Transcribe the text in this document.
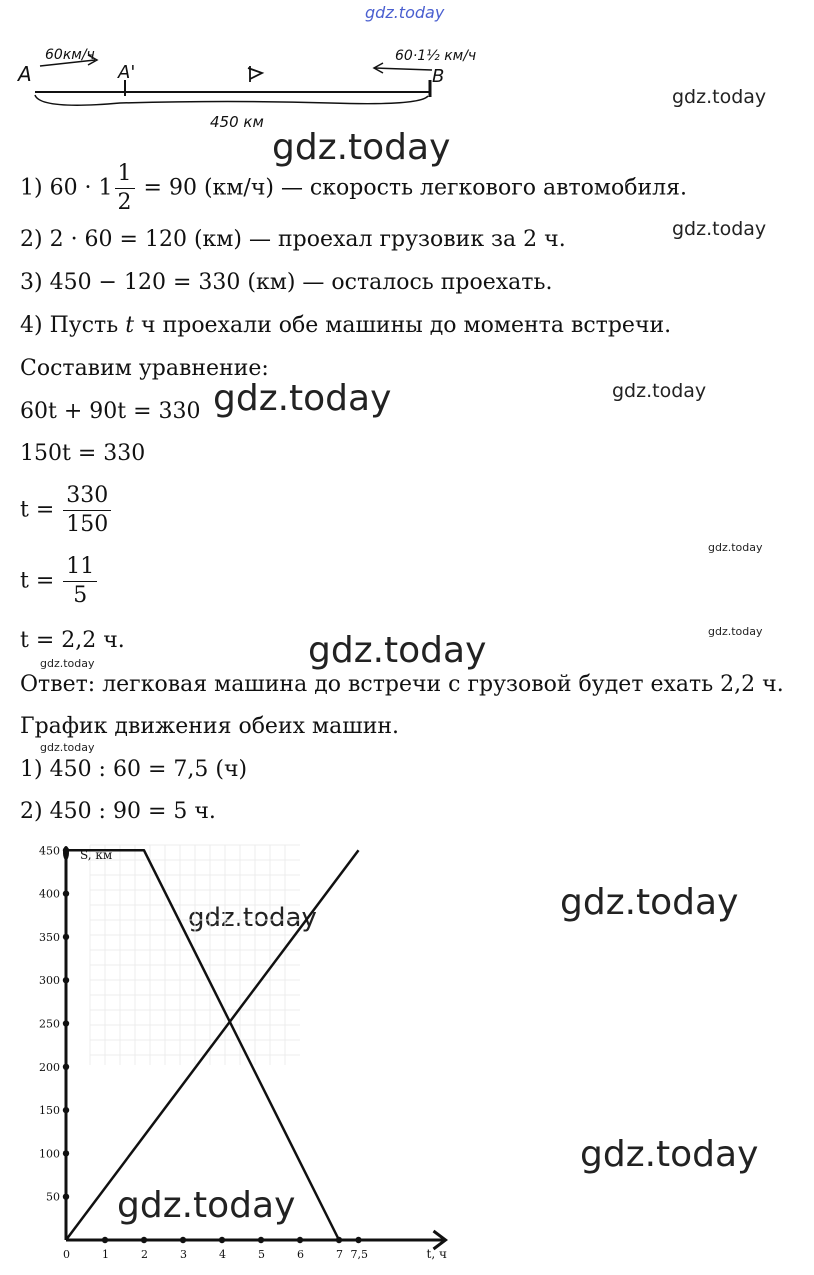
gdz.today
gdz.today
gdz.today
gdz.today
gdz.today	gdz.today
gdz.today
gdz.today
gdz.today
gdz.today
gdz.today
gdz.today
gdz.today
gdz.today
gdz.today
A
60км/ч
A'
60·1½ км/ч
B
450 км
1) $60 \cdot 1 \frac{1}{2} = 90$ (км/ч) — скорость легкового автомобиля.
2) 2 · 60 = 120 (км) — проехал грузовик за 2 ч.
3) 450 − 120 = 330 (км) — осталось проехать.
4) Пусть t ч проехали обе машины до момента встречи.
Составим уравнение:
60t + 90t = 330
150t = 330
$t = \frac{330}{150}$
$t = \frac{11}{5}$
t = 2,2 ч.
Ответ: легковая машина до встречи с грузовой будет ехать 2,2 ч.
График движения обеих машин.
1) 450 : 60 = 7,5 (ч)
2) 450 : 90 = 5 ч.
S, км
t, ч
0	1	2	3	4	5	6	7 7,5
50
100
150
200
250
300
350
400
450
